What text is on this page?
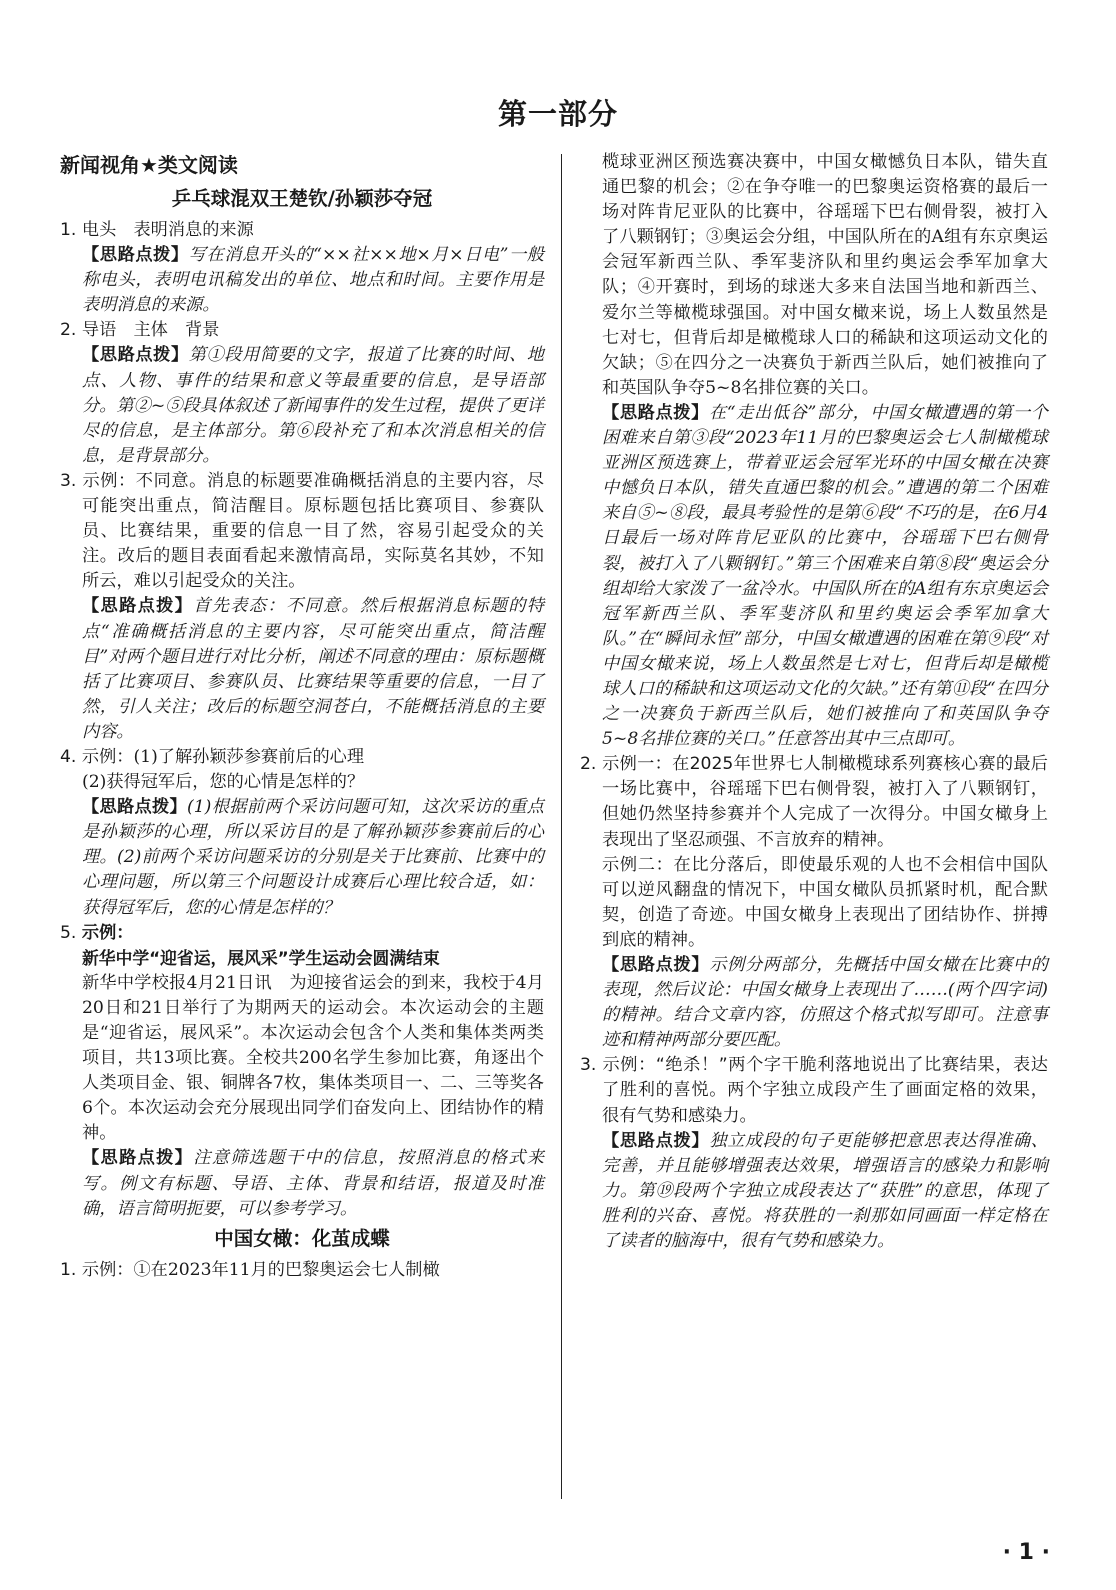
第一部分
新闻视角★类文阅读
乒乓球混双王楚钦/孙颖莎夺冠

1. 电头　表明消息的来源

【思路点拨】写在消息开头的“××社××地×月×日电”一般称电头，表明电讯稿发出的单位、地点和时间。主要作用是表明消息的来源。

2. 导语　主体　背景

【思路点拨】第①段用简要的文字，报道了比赛的时间、地点、人物、事件的结果和意义等最重要的信息，是导语部分。第②~⑤段具体叙述了新闻事件的发生过程，提供了更详尽的信息，是主体部分。第⑥段补充了和本次消息相关的信息，是背景部分。

3. 示例：不同意。消息的标题要准确概括消息的主要内容，尽可能突出重点，简洁醒目。原标题包括比赛项目、参赛队员、比赛结果，重要的信息一目了然，容易引起受众的关注。改后的题目表面看起来激情高昂，实际莫名其妙，不知所云，难以引起受众的关注。

【思路点拨】首先表态：不同意。然后根据消息标题的特点“准确概括消息的主要内容，尽可能突出重点，简洁醒目”对两个题目进行对比分析，阐述不同意的理由：原标题概括了比赛项目、参赛队员、比赛结果等重要的信息，一目了然，引人关注；改后的标题空洞苍白，不能概括消息的主要内容。

4. 示例：(1)了解孙颖莎参赛前后的心理

(2)获得冠军后，您的心情是怎样的？

【思路点拨】(1)根据前两个采访问题可知，这次采访的重点是孙颖莎的心理，所以采访目的是了解孙颖莎参赛前后的心理。(2)前两个采访问题采访的分别是关于比赛前、比赛中的心理问题，所以第三个问题设计成赛后心理比较合适，如：获得冠军后，您的心情是怎样的？

5. 示例：

新华中学“迎省运，展风采”学生运动会圆满结束

新华中学校报4月21日讯　为迎接省运会的到来，我校于4月20日和21日举行了为期两天的运动会。本次运动会的主题是“迎省运，展风采”。本次运动会包含个人类和集体类两类项目，共13项比赛。全校共200名学生参加比赛，角逐出个人类项目金、银、铜牌各7枚，集体类项目一、二、三等奖各6个。本次运动会充分展现出同学们奋发向上、团结协作的精神。

【思路点拨】注意筛选题干中的信息，按照消息的格式来写。例文有标题、导语、主体、背景和结语，报道及时准确，语言简明扼要，可以参考学习。

中国女橄：化茧成蝶

1. 示例：①在2023年11月的巴黎奥运会七人制橄

榄球亚洲区预选赛决赛中，中国女橄憾负日本队，错失直通巴黎的机会；②在争夺唯一的巴黎奥运资格赛的最后一场对阵肯尼亚队的比赛中，谷瑶瑶下巴右侧骨裂，被打入了八颗钢钉；③奥运会分组，中国队所在的A组有东京奥运会冠军新西兰队、季军斐济队和里约奥运会季军加拿大队；④开赛时，到场的球迷大多来自法国当地和新西兰、爱尔兰等橄榄球强国。对中国女橄来说，场上人数虽然是七对七，但背后却是橄榄球人口的稀缺和这项运动文化的欠缺；⑤在四分之一决赛负于新西兰队后，她们被推向了和英国队争夺5~8名排位赛的关口。

【思路点拨】在“走出低谷”部分，中国女橄遭遇的第一个困难来自第③段“2023年11月的巴黎奥运会七人制橄榄球亚洲区预选赛上，带着亚运会冠军光环的中国女橄在决赛中憾负日本队，错失直通巴黎的机会。”遭遇的第二个困难来自⑤~⑧段，最具考验性的是第⑥段“不巧的是，在6月4日最后一场对阵肯尼亚队的比赛中，谷瑶瑶下巴右侧骨裂，被打入了八颗钢钉。”第三个困难来自第⑧段“奥运会分组却给大家泼了一盆冷水。中国队所在的A组有东京奥运会冠军新西兰队、季军斐济队和里约奥运会季军加拿大队。”在“瞬间永恒”部分，中国女橄遭遇的困难在第⑨段“对中国女橄来说，场上人数虽然是七对七，但背后却是橄榄球人口的稀缺和这项运动文化的欠缺。”还有第⑪段“在四分之一决赛负于新西兰队后，她们被推向了和英国队争夺5~8名排位赛的关口。”任意答出其中三点即可。

2. 示例一：在2025年世界七人制橄榄球系列赛核心赛的最后一场比赛中，谷瑶瑶下巴右侧骨裂，被打入了八颗钢钉，但她仍然坚持参赛并个人完成了一次得分。中国女橄身上表现出了坚忍顽强、不言放弃的精神。

示例二：在比分落后，即使最乐观的人也不会相信中国队可以逆风翻盘的情况下，中国女橄队员抓紧时机，配合默契，创造了奇迹。中国女橄身上表现出了团结协作、拼搏到底的精神。

【思路点拨】示例分两部分，先概括中国女橄在比赛中的表现，然后议论：中国女橄身上表现出了……(两个四字词)的精神。结合文章内容，仿照这个格式拟写即可。注意事迹和精神两部分要匹配。

3. 示例：“绝杀！”两个字干脆利落地说出了比赛结果，表达了胜利的喜悦。两个字独立成段产生了画面定格的效果，很有气势和感染力。

【思路点拨】独立成段的句子更能够把意思表达得准确、完善，并且能够增强表达效果，增强语言的感染力和影响力。第⑲段两个字独立成段表达了“获胜”的意思，体现了胜利的兴奋、喜悦。将获胜的一刹那如同画面一样定格在了读者的脑海中，很有气势和感染力。

· 1 ·
